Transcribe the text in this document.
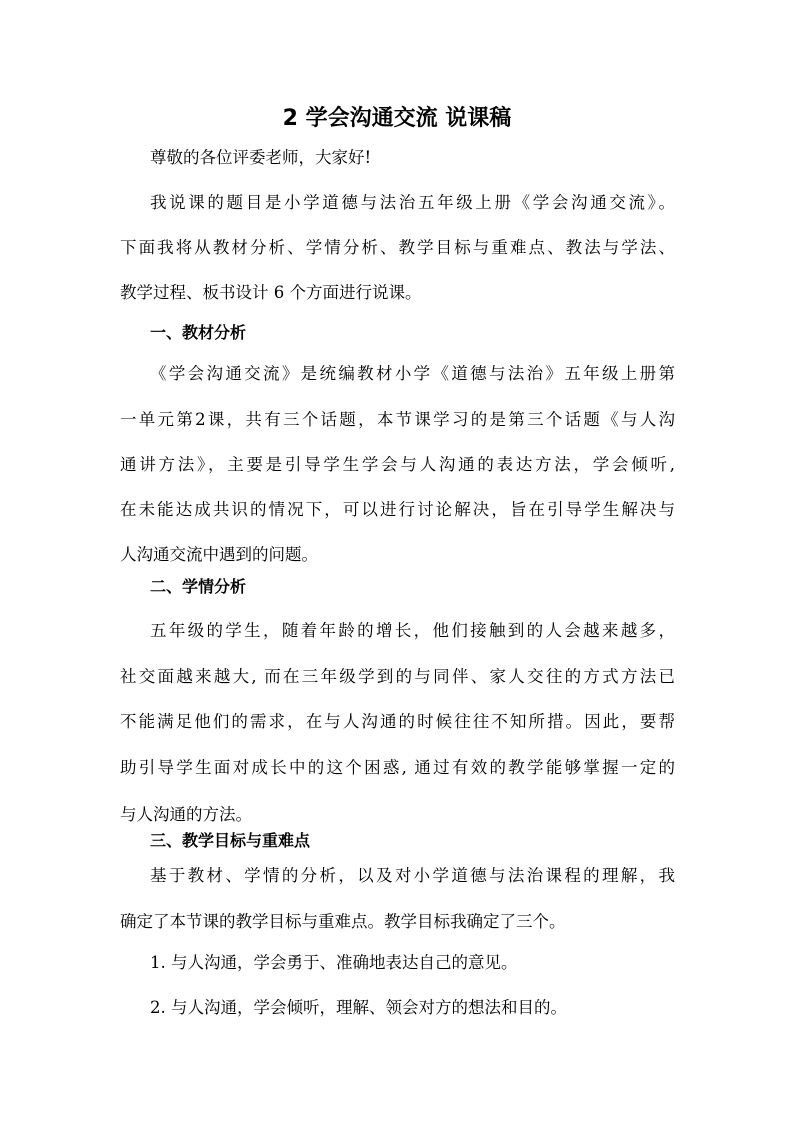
2 学会沟通交流 说课稿
尊敬的各位评委老师，大家好!
我说课的题目是小学道德与法治五年级上册《学会沟通交流》。
下面我将从教材分析、学情分析、教学目标与重难点、教法与学法、
教学过程、板书设计 6 个方面进行说课。
一、教材分析
《学会沟通交流》是统编教材小学《道德与法治》五年级上册第
一单元第2课，共有三个话题，本节课学习的是第三个话题《与人沟
通讲方法》，主要是引导学生学会与人沟通的表达方法，学会倾听,
在未能达成共识的情况下，可以进行讨论解决，旨在引导学生解决与
人沟通交流中遇到的问题。
二、学情分析
五年级的学生，随着年龄的增长，他们接触到的人会越来越多，
社交面越来越大, 而在三年级学到的与同伴、家人交往的方式方法已
不能满足他们的需求，在与人沟通的时候往往不知所措。因此，要帮
助引导学生面对成长中的这个困惑, 通过有效的教学能够掌握一定的
与人沟通的方法。
三、教学目标与重难点
基于教材、学情的分析，以及对小学道德与法治课程的理解，我
确定了本节课的教学目标与重难点。教学目标我确定了三个。
1. 与人沟通，学会勇于、准确地表达自己的意见。
2. 与人沟通，学会倾听，理解、领会对方的想法和目的。
